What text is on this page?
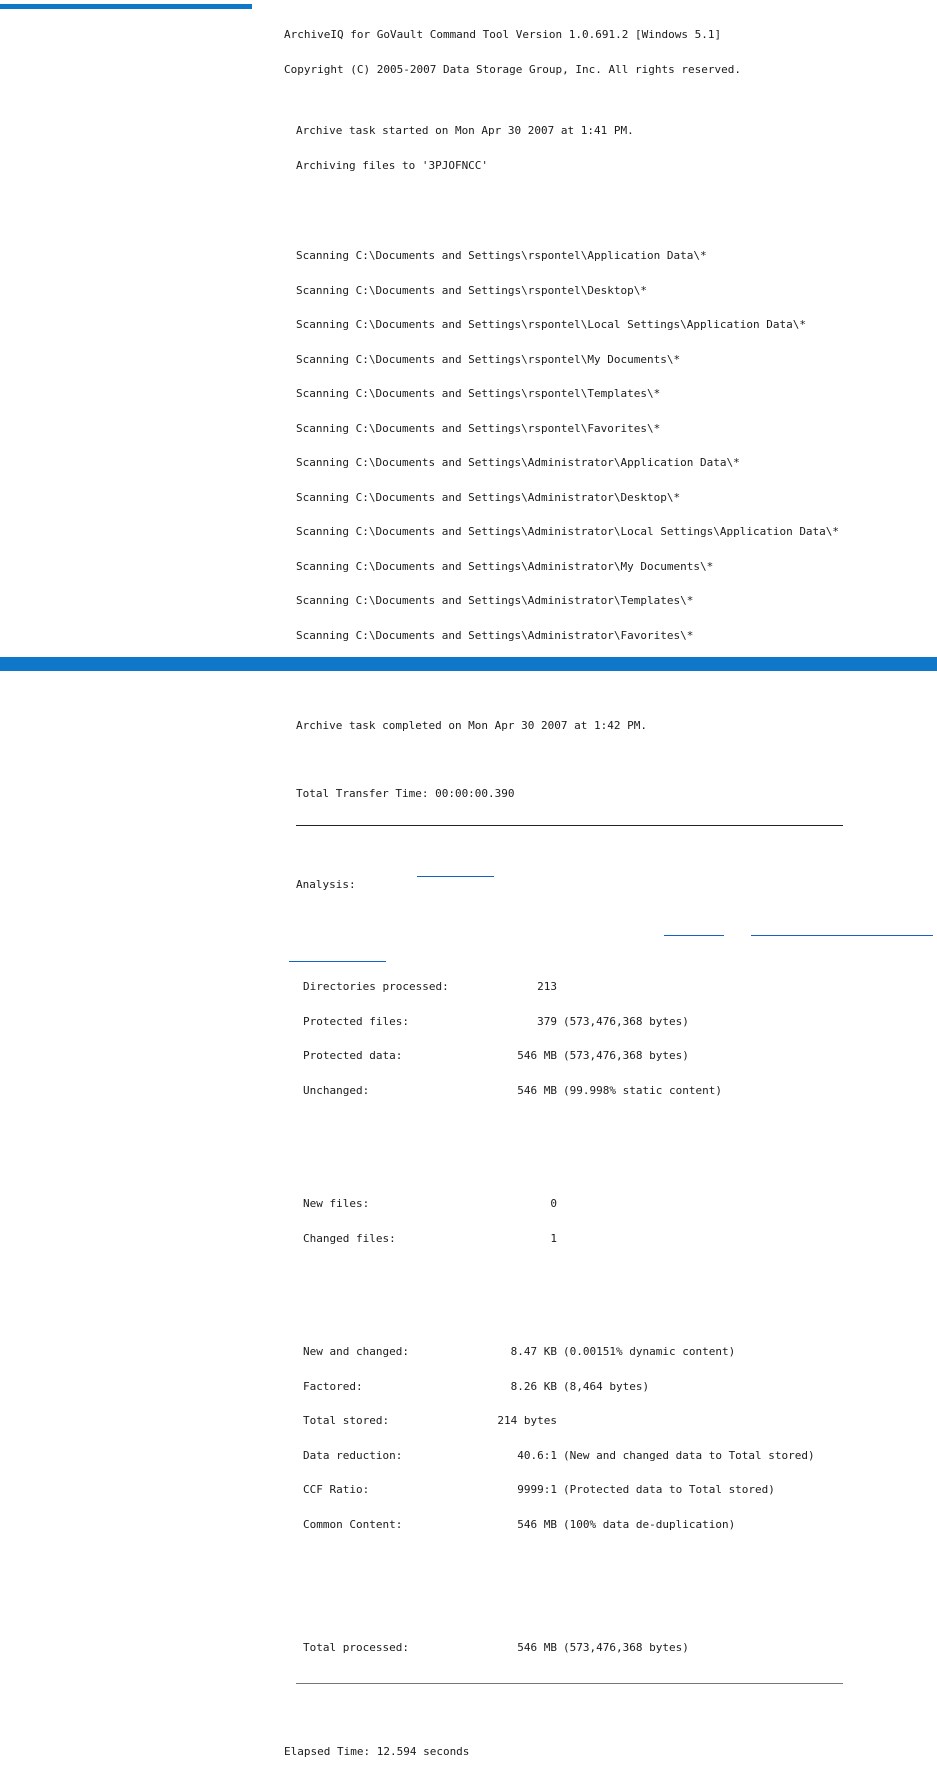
ArchiveIQ for GoVault Command Tool Version 1.0.691.2 [Windows 5.1]

Copyright (C) 2005-2007 Data Storage Group, Inc. All rights reserved.

Archive task started on Mon Apr 30 2007 at 1:41 PM.

Archiving files to '3PJOFNCC'

Scanning C:\Documents and Settings\rspontel\Application Data\*

Scanning C:\Documents and Settings\rspontel\Desktop\*

Scanning C:\Documents and Settings\rspontel\Local Settings\Application Data\*

Scanning C:\Documents and Settings\rspontel\My Documents\*

Scanning C:\Documents and Settings\rspontel\Templates\*

Scanning C:\Documents and Settings\rspontel\Favorites\*

Scanning C:\Documents and Settings\Administrator\Application Data\*

Scanning C:\Documents and Settings\Administrator\Desktop\*

Scanning C:\Documents and Settings\Administrator\Local Settings\Application Data\*

Scanning C:\Documents and Settings\Administrator\My Documents\*

Scanning C:\Documents and Settings\Administrator\Templates\*

Scanning C:\Documents and Settings\Administrator\Favorites\*

Archive task completed on Mon Apr 30 2007 at 1:42 PM.

Total Transfer Time: 00:00:00.390

Analysis:

Directories processed:	213

Protected files:	379 (573,476,368 bytes)

Protected data:	546 MB (573,476,368 bytes)

Unchanged:	546 MB (99.998% static content)

New files:	0

Changed files:	1

New and changed:	8.47 KB (0.00151% dynamic content)

Factored:	8.26 KB (8,464 bytes)

Total stored:	214 bytes

Data reduction:	40.6:1 (New and changed data to Total stored)

CCF Ratio:	9999:1 (Protected data to Total stored)

Common Content:	546 MB (100% data de-duplication)

Total processed:	546 MB (573,476,368 bytes)

Elapsed Time: 12.594 seconds
